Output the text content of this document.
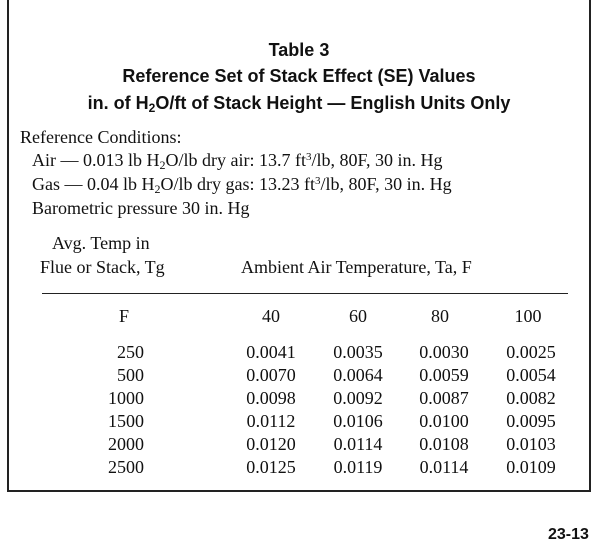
Table 3
Reference Set of Stack Effect (SE) Values
in. of $H_2O/ft$ of Stack Height — English Units Only
Reference Conditions:
Air — 0.013 lb $H_2O/lb$ dry air: 13.7 $ft^3/lb$, 80F, 30 in. Hg
Gas — 0.04 lb $H_2O/lb$ dry gas: 13.23 $ft^3/lb$, 80F, 30 in. Hg
Barometric pressure 30 in. Hg
Avg. Temp in
Flue or Stack, Tg	Ambient Air Temperature, Ta, F
F	40	60	80	100
250	0.0041	0.0035	0.0030	0.0025
500	0.0070	0.0064	0.0059	0.0054
1000	0.0098	0.0092	0.0087	0.0082
1500	0.0112	0.0106	0.0100	0.0095
2000	0.0120	0.0114	0.0108	0.0103
2500	0.0125	0.0119	0.0114	0.0109
23-13
